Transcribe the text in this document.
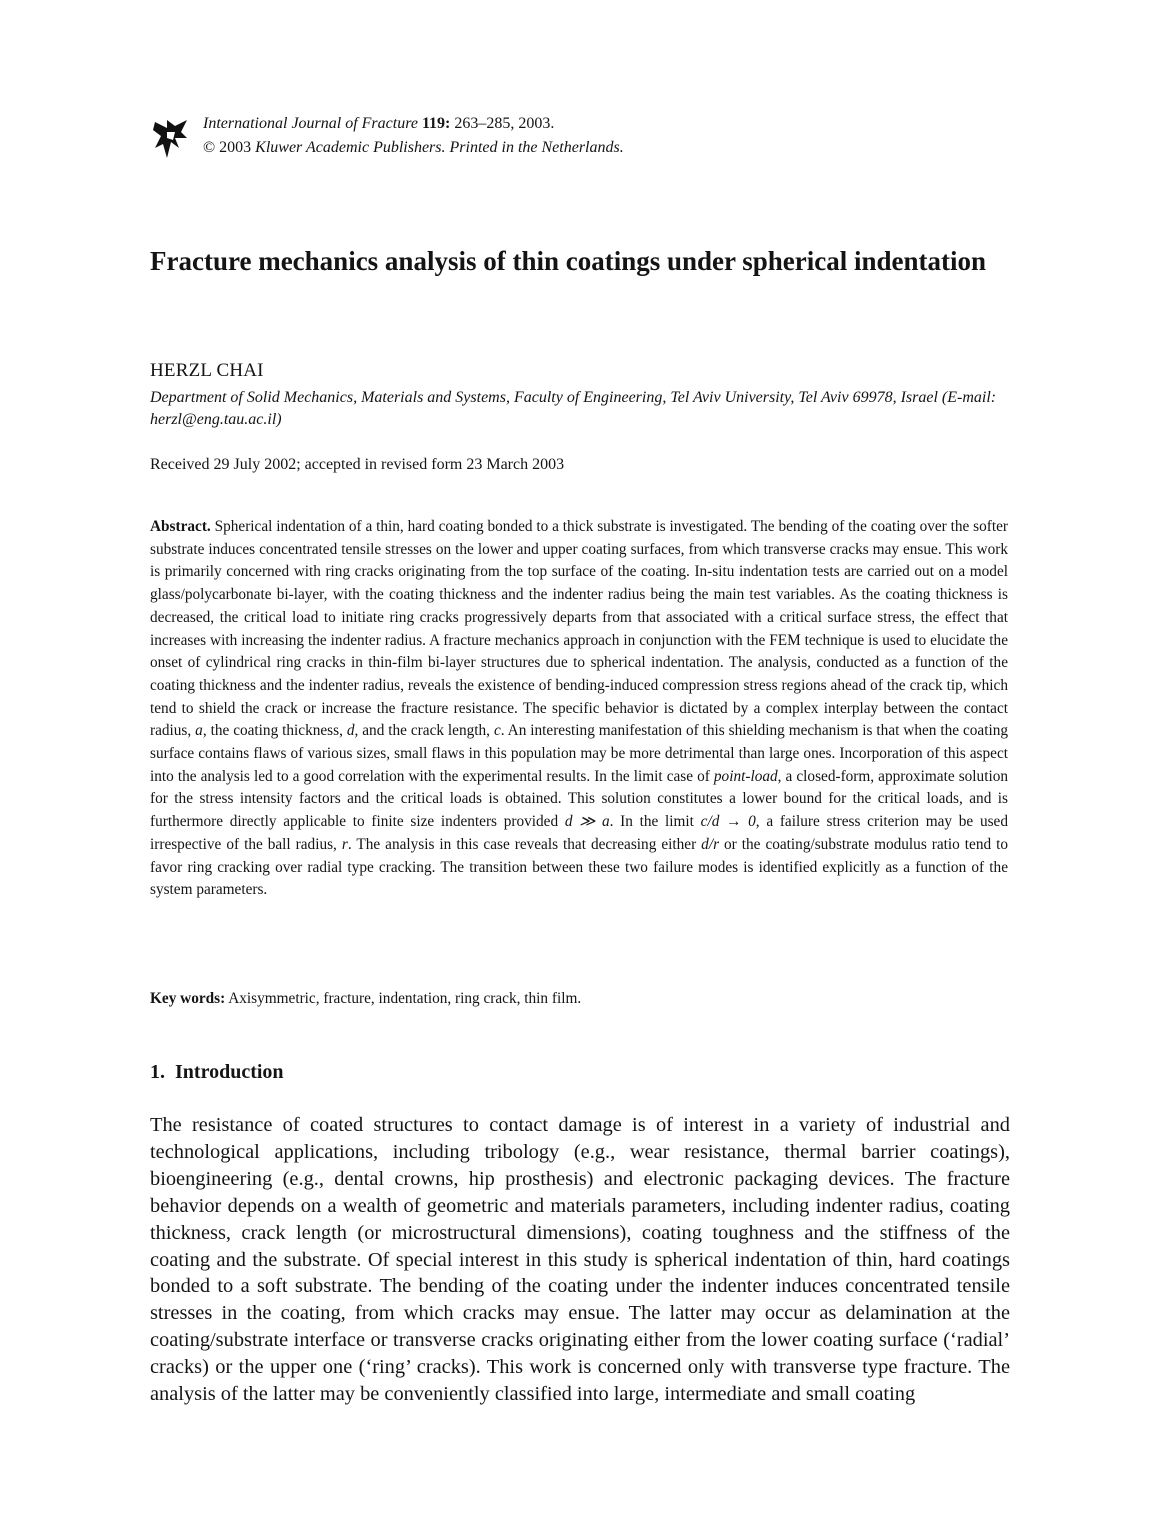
International Journal of Fracture 119: 263–285, 2003.
© 2003 Kluwer Academic Publishers. Printed in the Netherlands.
Fracture mechanics analysis of thin coatings under spherical indentation
HERZL CHAI
Department of Solid Mechanics, Materials and Systems, Faculty of Engineering, Tel Aviv University, Tel Aviv 69978, Israel (E-mail: herzl@eng.tau.ac.il)
Received 29 July 2002; accepted in revised form 23 March 2003

Abstract. Spherical indentation of a thin, hard coating bonded to a thick substrate is investigated. The bending of the coating over the softer substrate induces concentrated tensile stresses on the lower and upper coating surfaces, from which transverse cracks may ensue. This work is primarily concerned with ring cracks originating from the top surface of the coating. In-situ indentation tests are carried out on a model glass/polycarbonate bi-layer, with the coating thickness and the indenter radius being the main test variables. As the coating thickness is decreased, the critical load to initiate ring cracks progressively departs from that associated with a critical surface stress, the effect that increases with increasing the indenter radius. A fracture mechanics approach in conjunction with the FEM technique is used to elucidate the onset of cylindrical ring cracks in thin-film bi-layer structures due to spherical indentation. The analysis, conducted as a function of the coating thickness and the indenter radius, reveals the existence of bending-induced compression stress regions ahead of the crack tip, which tend to shield the crack or increase the fracture resistance. The specific behavior is dictated by a complex interplay between the contact radius, a, the coating thickness, d, and the crack length, c. An interesting manifestation of this shielding mechanism is that when the coating surface contains flaws of various sizes, small flaws in this population may be more detrimental than large ones. Incorporation of this aspect into the analysis led to a good correlation with the experimental results. In the limit case of point-load, a closed-form, approximate solution for the stress intensity factors and the critical loads is obtained. This solution constitutes a lower bound for the critical loads, and is furthermore directly applicable to finite size indenters provided d ≫ a. In the limit c/d → 0, a failure stress criterion may be used irrespective of the ball radius, r. The analysis in this case reveals that decreasing either d/r or the coating/substrate modulus ratio tend to favor ring cracking over radial type cracking. The transition between these two failure modes is identified explicitly as a function of the system parameters.

Key words: Axisymmetric, fracture, indentation, ring crack, thin film.
1. Introduction

The resistance of coated structures to contact damage is of interest in a variety of industrial and technological applications, including tribology (e.g., wear resistance, thermal barrier coatings), bioengineering (e.g., dental crowns, hip prosthesis) and electronic packaging devices. The fracture behavior depends on a wealth of geometric and materials parameters, including indenter radius, coating thickness, crack length (or microstructural dimensions), coating toughness and the stiffness of the coating and the substrate. Of special interest in this study is spherical indentation of thin, hard coatings bonded to a soft substrate. The bending of the coating under the indenter induces concentrated tensile stresses in the coating, from which cracks may ensue. The latter may occur as delamination at the coating/substrate interface or transverse cracks originating either from the lower coating surface (‘radial’ cracks) or the upper one (‘ring’ cracks). This work is concerned only with transverse type fracture. The analysis of the latter may be conveniently classified into large, intermediate and small coating
